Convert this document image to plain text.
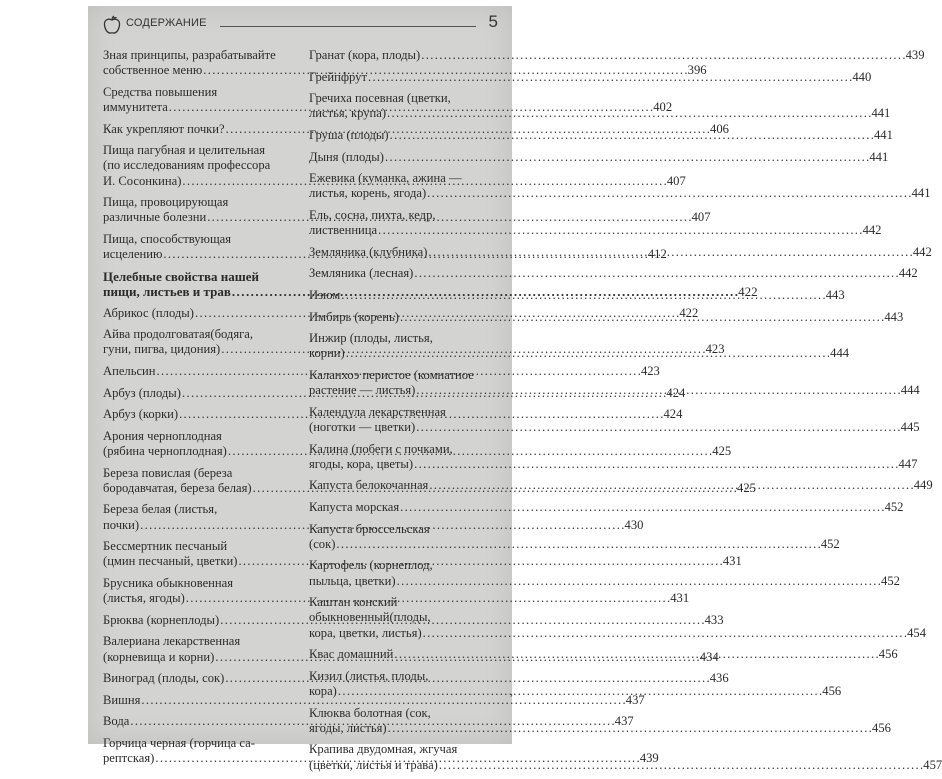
СОДЕРЖАНИЕ	5
Зная принципы, разрабатывайте
собственное меню . . .	396
Средства повышения
иммунитета . . .	402
Как укрепляют почки? . . .	406
Пища пагубная и целительная
(по исследованиям профессора
И. Сосонкина) . . .	407
Пища, провоцирующая
различные болезни . . .	407
Пища, способствующая
исцелению . . .	412
Целебные свойства нашей
пищи, листьев и трав . . .	422
Абрикос (плоды) . . .	422
Айва продолговатая(бодяга,
гуни, пигва, цидония) . . .	423
Апельсин . . .	423
Арбуз (плоды) . . .	424
Арбуз (корки) . . .	424
Арония черноплодная
(рябина черноплодная) . . .	425
Береза повислая (береза
бородавчатая, береза белая) . . .	425
Береза белая (листья,
почки) . . .	430
Бессмертник песчаный
(цмин песчаный, цветки) . . .	431
Брусника обыкновенная
(листья, ягоды) . . .	431
Брюква (корнеплоды) . . .	433
Валериана лекарственная
(корневища и корни) . . .	434
Виноград (плоды, сок) . . .	436
Вишня . . .	437
Вода . . .	437
Горчица черная (горчица са-
рептская) . . .	439
Гранат (кора, плоды) . . .	439
Грейпфрут . . .	440
Гречиха посевная (цветки,
листья, крупа) . . .	441
Груша (плоды) . . .	441
Дыня (плоды) . . .	441
Ежевика (куманка, ажина —
листья, корень, ягода) . . .	441
Ель, сосна, пихта, кедр,
лиственница . . .	442
Земляника (клубника) . . .	442
Земляника (лесная) . . .	442
Изюм . . .	443
Имбирь (корень) . . .	443
Инжир (плоды, листья,
корни) . . .	444
Каланхоэ перистое (комнатное
растение — листья) . . .	444
Календула лекарственная
(ноготки — цветки) . . .	445
Калина (побеги с почками,
ягоды, кора, цветы) . . .	447
Капуста белокочанная . . .	449
Капуста морская . . .	452
Капуста брюссельская
(сок) . . .	452
Картофель (корнеплод,
пыльца, цветки) . . .	452
Каштан конский
обыкновенный(плоды,
кора, цветки, листья) . . .	454
Квас домашний . . .	456
Кизил (листья, плоды,
кора) . . .	456
Клюква болотная (сок,
ягоды, листья) . . .	456
Крапива двудомная, жгучая
(цветки, листья и трава) . . .	457
,
